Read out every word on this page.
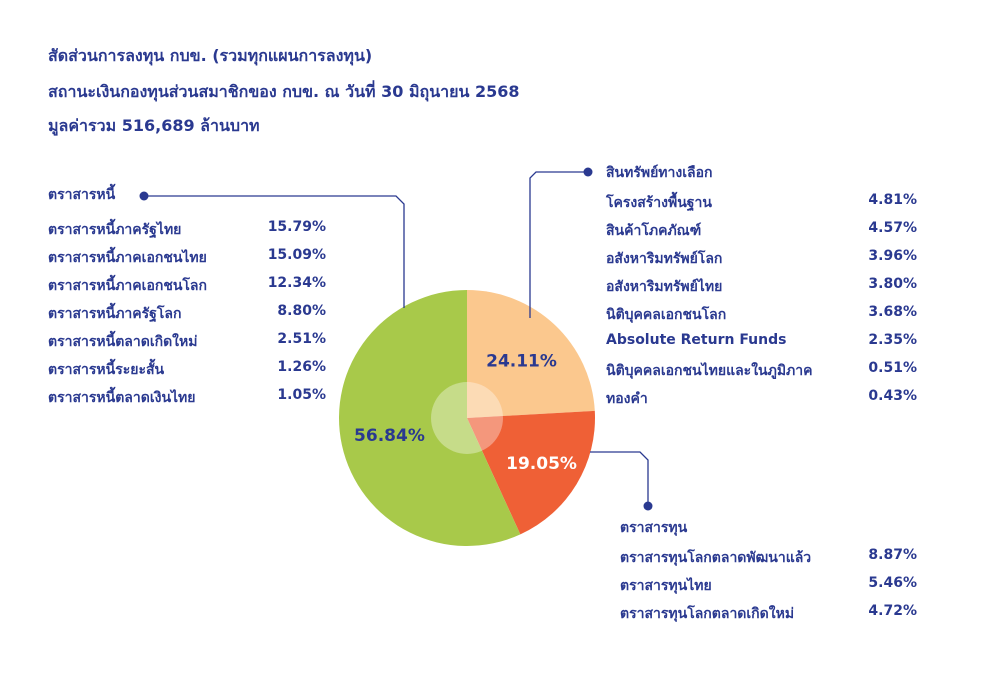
สัดส่วนการลงทุน กบข. (รวมทุกแผนการลงทุน)
สถานะเงินกองทุนส่วนสมาชิกของ กบข. ณ วันที่ 30 มิถุนายน 2568
มูลค่ารวม 516,689 ล้านบาท
24.11%
19.05%
56.84%
ตราสารหนี้
ตราสารหนี้ภาครัฐไทย	15.79%
ตราสารหนี้ภาคเอกชนไทย	15.09%
ตราสารหนี้ภาคเอกชนโลก	12.34%
ตราสารหนี้ภาครัฐโลก	8.80%
ตราสารหนี้ตลาดเกิดใหม่	2.51%
ตราสารหนี้ระยะสั้น	1.26%
ตราสารหนี้ตลาดเงินไทย	1.05%
สินทรัพย์ทางเลือก
โครงสร้างพื้นฐาน	4.81%
สินค้าโภคภัณฑ์	4.57%
อสังหาริมทรัพย์โลก	3.96%
อสังหาริมทรัพย์ไทย	3.80%
นิติบุคคลเอกชนโลก	3.68%
Absolute Return Funds	2.35%
นิติบุคคลเอกชนไทยและในภูมิภาค	0.51%
ทองคำ	0.43%
ตราสารทุน
ตราสารทุนโลกตลาดพัฒนาแล้ว	8.87%
ตราสารทุนไทย	5.46%
ตราสารทุนโลกตลาดเกิดใหม่	4.72%
